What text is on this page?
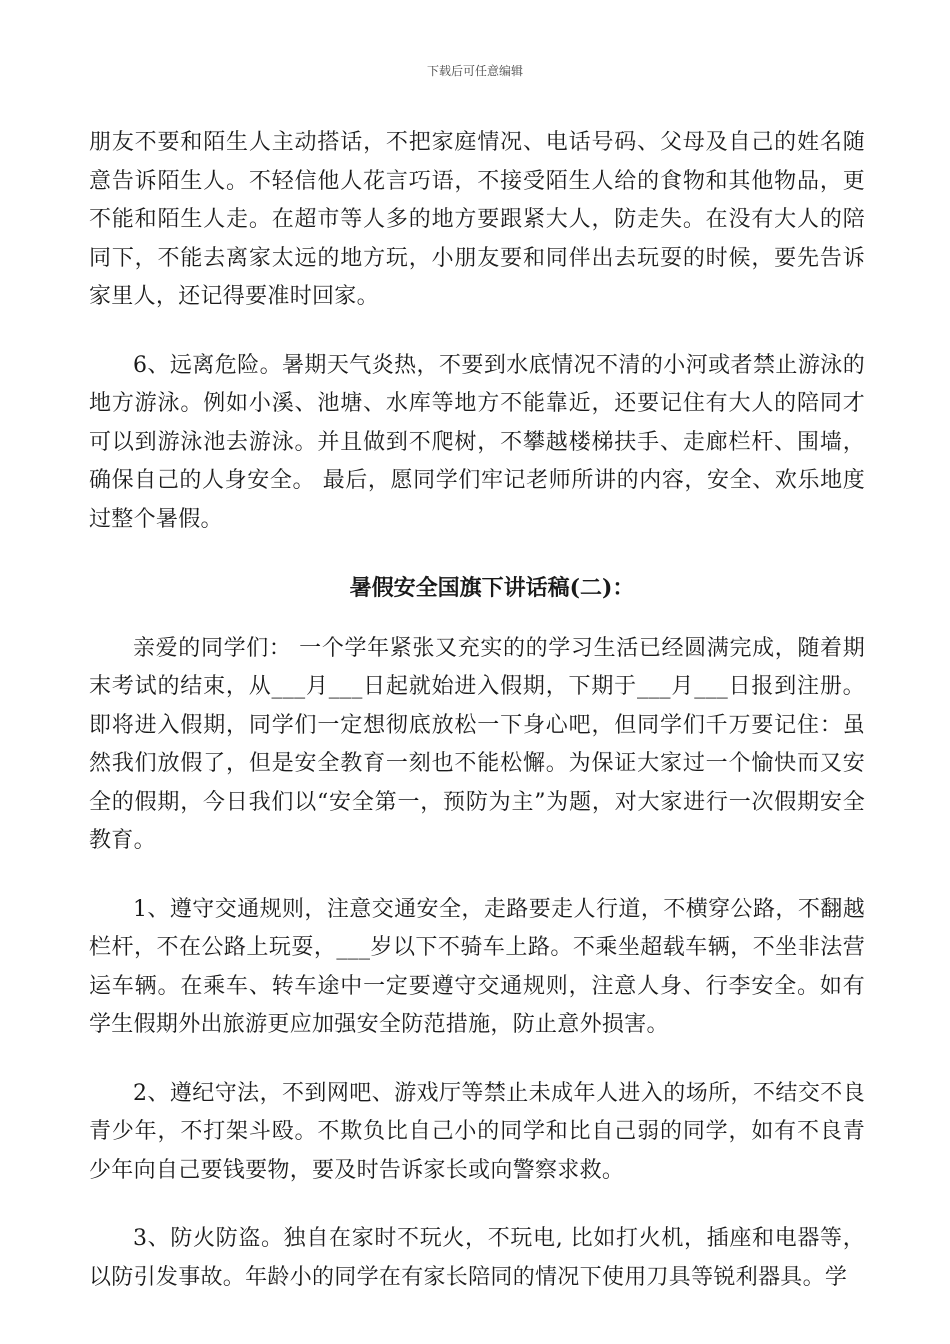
下载后可任意编辑

朋友不要和陌生人主动搭话，不把家庭情况、电话号码、父母及自己的姓名随意告诉陌生人。不轻信他人花言巧语，不接受陌生人给的食物和其他物品，更不能和陌生人走。在超市等人多的地方要跟紧大人，防走失。在没有大人的陪同下，不能去离家太远的地方玩，小朋友要和同伴出去玩耍的时候，要先告诉家里人，还记得要准时回家。

6、远离危险。暑期天气炎热，不要到水底情况不清的小河或者禁止游泳的地方游泳。例如小溪、池塘、水库等地方不能靠近，还要记住有大人的陪同才可以到游泳池去游泳。并且做到不爬树，不攀越楼梯扶手、走廊栏杆、围墙，确保自己的人身安全。 最后，愿同学们牢记老师所讲的内容，安全、欢乐地度过整个暑假。

暑假安全国旗下讲话稿(二)：

亲爱的同学们： 一个学年紧张又充实的的学习生活已经圆满完成，随着期末考试的结束，从___月___日起就始进入假期，下期于___月___日报到注册。即将进入假期，同学们一定想彻底放松一下身心吧，但同学们千万要记住：虽然我们放假了，但是安全教育一刻也不能松懈。为保证大家过一个愉快而又安全的假期，今日我们以“安全第一，预防为主”为题，对大家进行一次假期安全教育。

1、遵守交通规则，注意交通安全，走路要走人行道，不横穿公路，不翻越栏杆，不在公路上玩耍，___岁以下不骑车上路。不乘坐超载车辆，不坐非法营运车辆。在乘车、转车途中一定要遵守交通规则，注意人身、行李安全。如有学生假期外出旅游更应加强安全防范措施，防止意外损害。

2、遵纪守法，不到网吧、游戏厅等禁止未成年人进入的场所，不结交不良青少年，不打架斗殴。不欺负比自己小的同学和比自己弱的同学，如有不良青少年向自己要钱要物，要及时告诉家长或向警察求救。

3、防火防盗。独自在家时不玩火，不玩电, 比如打火机，插座和电器等，以防引发事故。年龄小的同学在有家长陪同的情况下使用刀具等锐利器具。学
